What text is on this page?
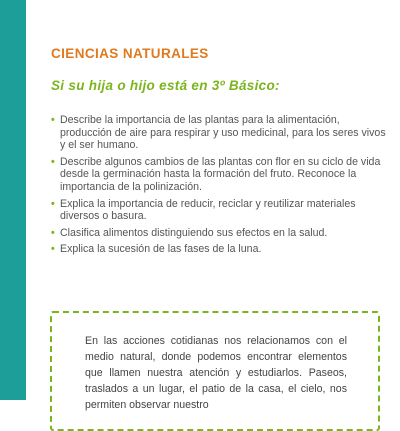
CIENCIAS NATURALES
Si su hija o hijo está en 3º Básico:
• Describe la importancia de las plantas para la alimentación, producción de aire para respirar y uso medicinal, para los seres vivos y el ser humano.
• Describe algunos cambios de las plantas con flor en su ciclo de vida desde la germinación hasta la formación del fruto. Reconoce la importancia de la polinización.
• Explica la importancia de reducir, reciclar y reutilizar materiales diversos o basura.
• Clasifica alimentos distinguiendo sus efectos en la salud.
• Explica la sucesión de las fases de la luna.

En las acciones cotidianas nos relacionamos con el medio natural, donde podemos encontrar elementos que llamen nuestra atención y estudiarlos. Paseos, traslados a un lugar, el patio de la casa, el cielo, nos permiten observar nuestro
